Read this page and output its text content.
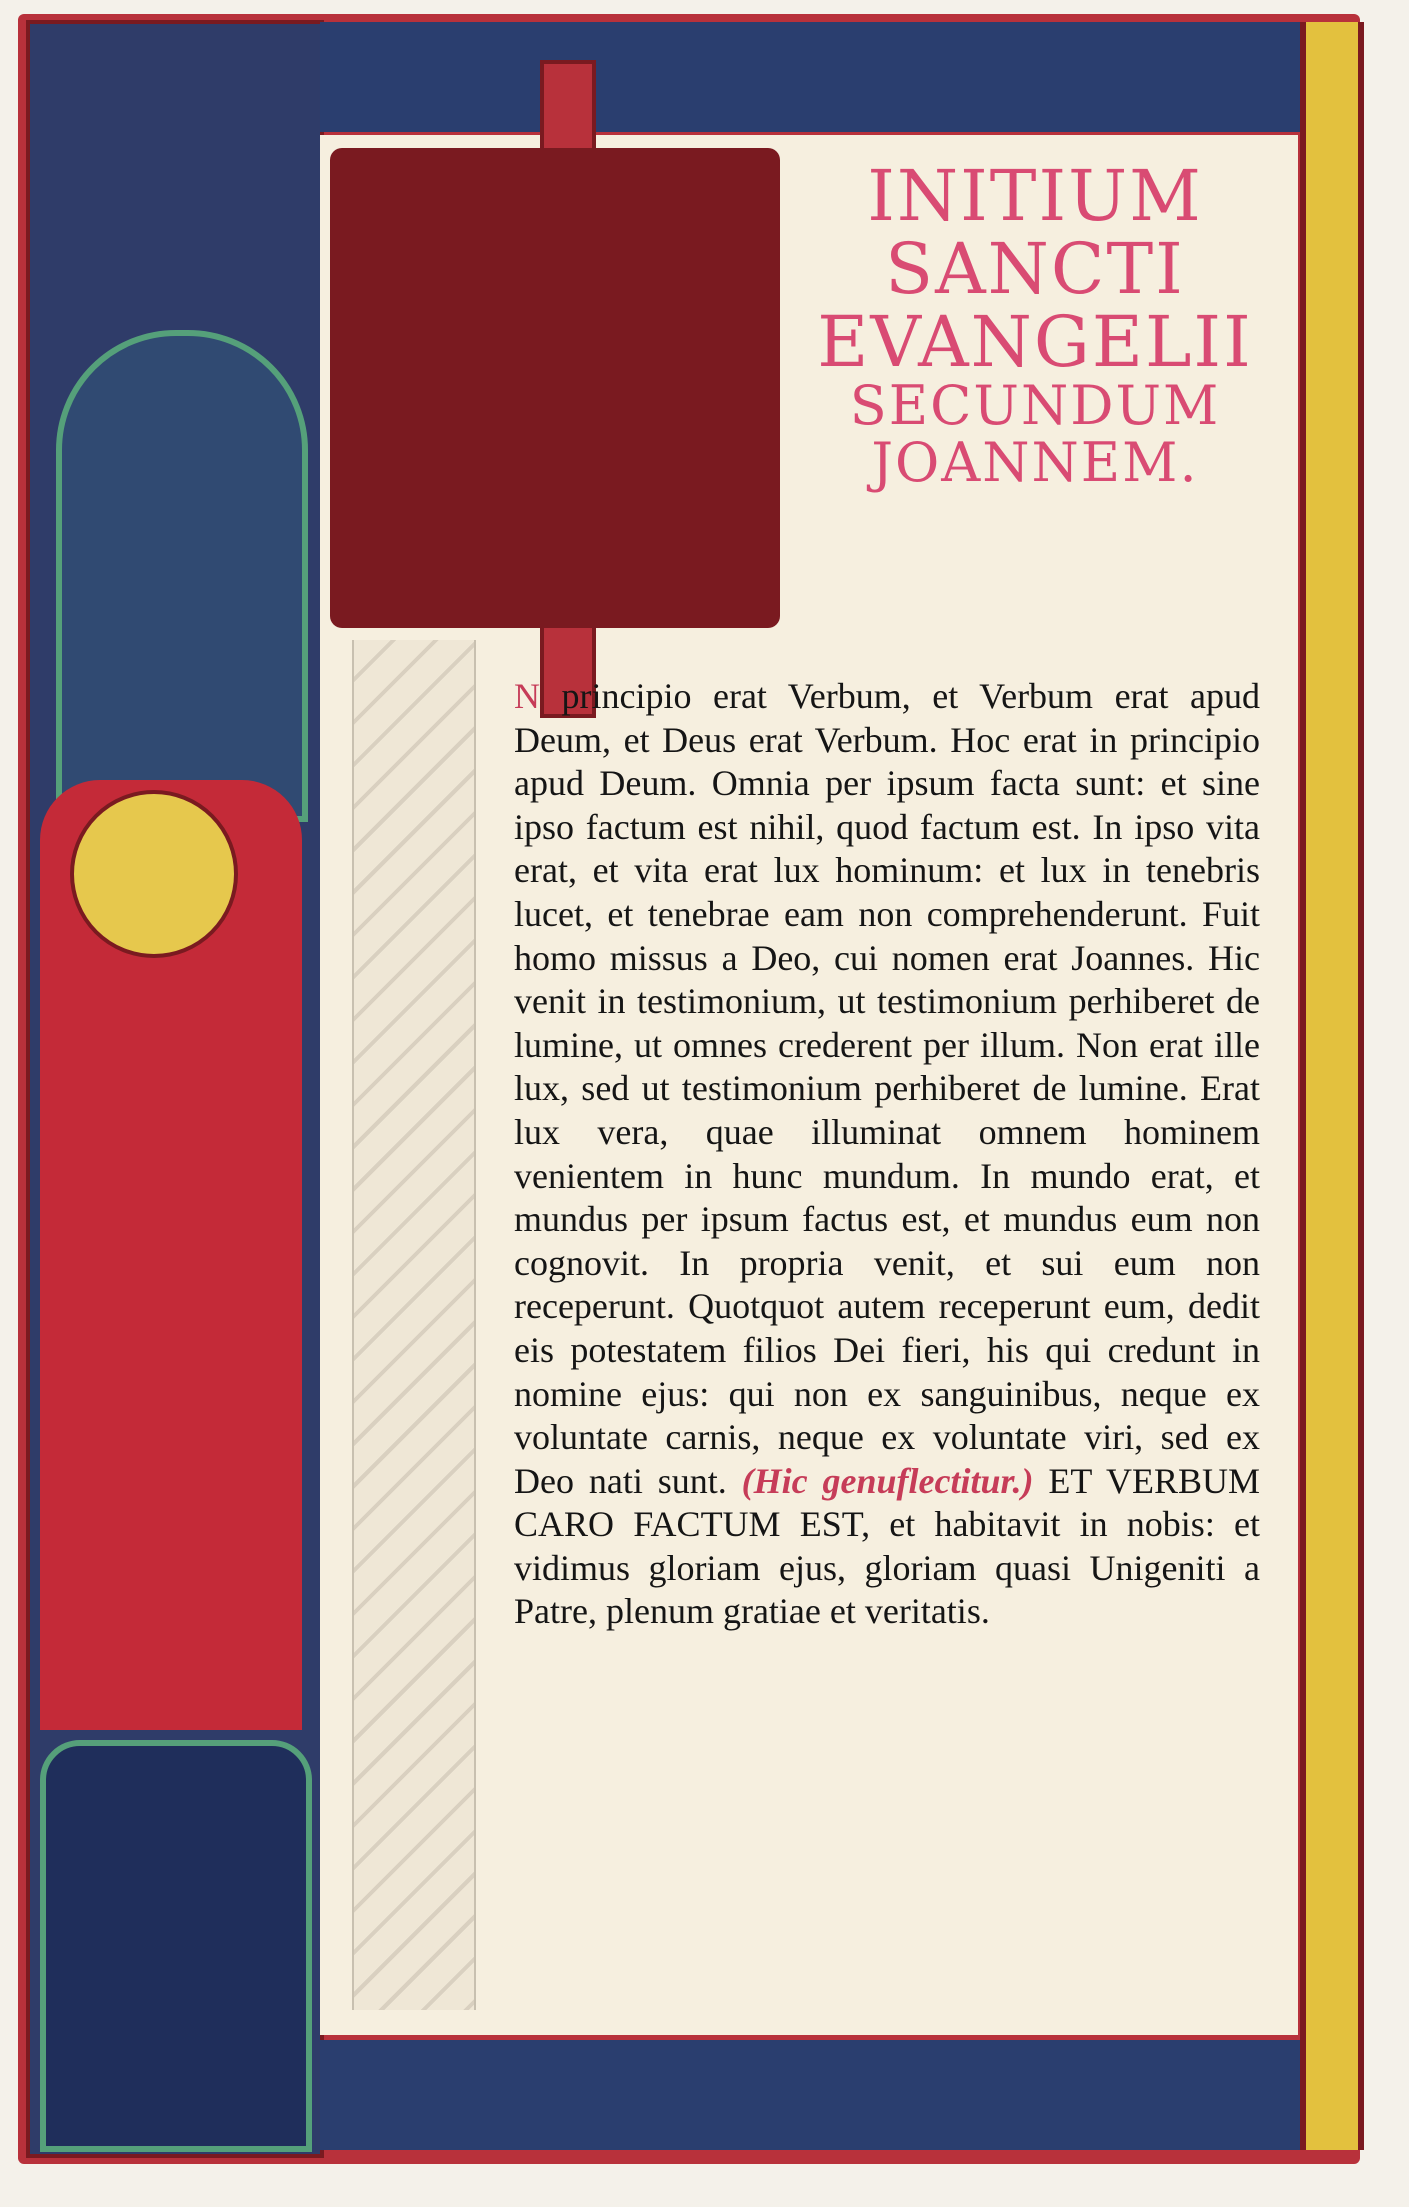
INITIUM
SANCTI
EVANGELII
SECUNDUM
JOANNEM.
N principio erat Verbum, et Verbum erat apud Deum, et Deus erat Verbum. Hoc erat in principio apud Deum. Omnia per ipsum facta sunt: et sine ipso factum est nihil, quod factum est. In ipso vita erat, et vita erat lux hominum: et lux in tenebris lucet, et tenebrae eam non comprehenderunt. Fuit homo missus a Deo, cui nomen erat Joannes. Hic venit in testimonium, ut testimonium perhiberet de lumine, ut omnes crederent per illum. Non erat ille lux, sed ut testimonium perhiberet de lumine. Erat lux vera, quae illuminat omnem hominem venientem in hunc mundum. In mundo erat, et mundus per ipsum factus est, et mundus eum non cognovit. In propria venit, et sui eum non receperunt. Quotquot autem receperunt eum, dedit eis potestatem filios Dei fieri, his qui credunt in nomine ejus: qui non ex sanguinibus, neque ex voluntate carnis, neque ex voluntate viri, sed ex Deo nati sunt. (Hic genuflectitur.) ET VERBUM CARO FACTUM EST, et habitavit in nobis: et vidimus gloriam ejus, gloriam quasi Unigeniti a Patre, plenum gratiae et veritatis.
